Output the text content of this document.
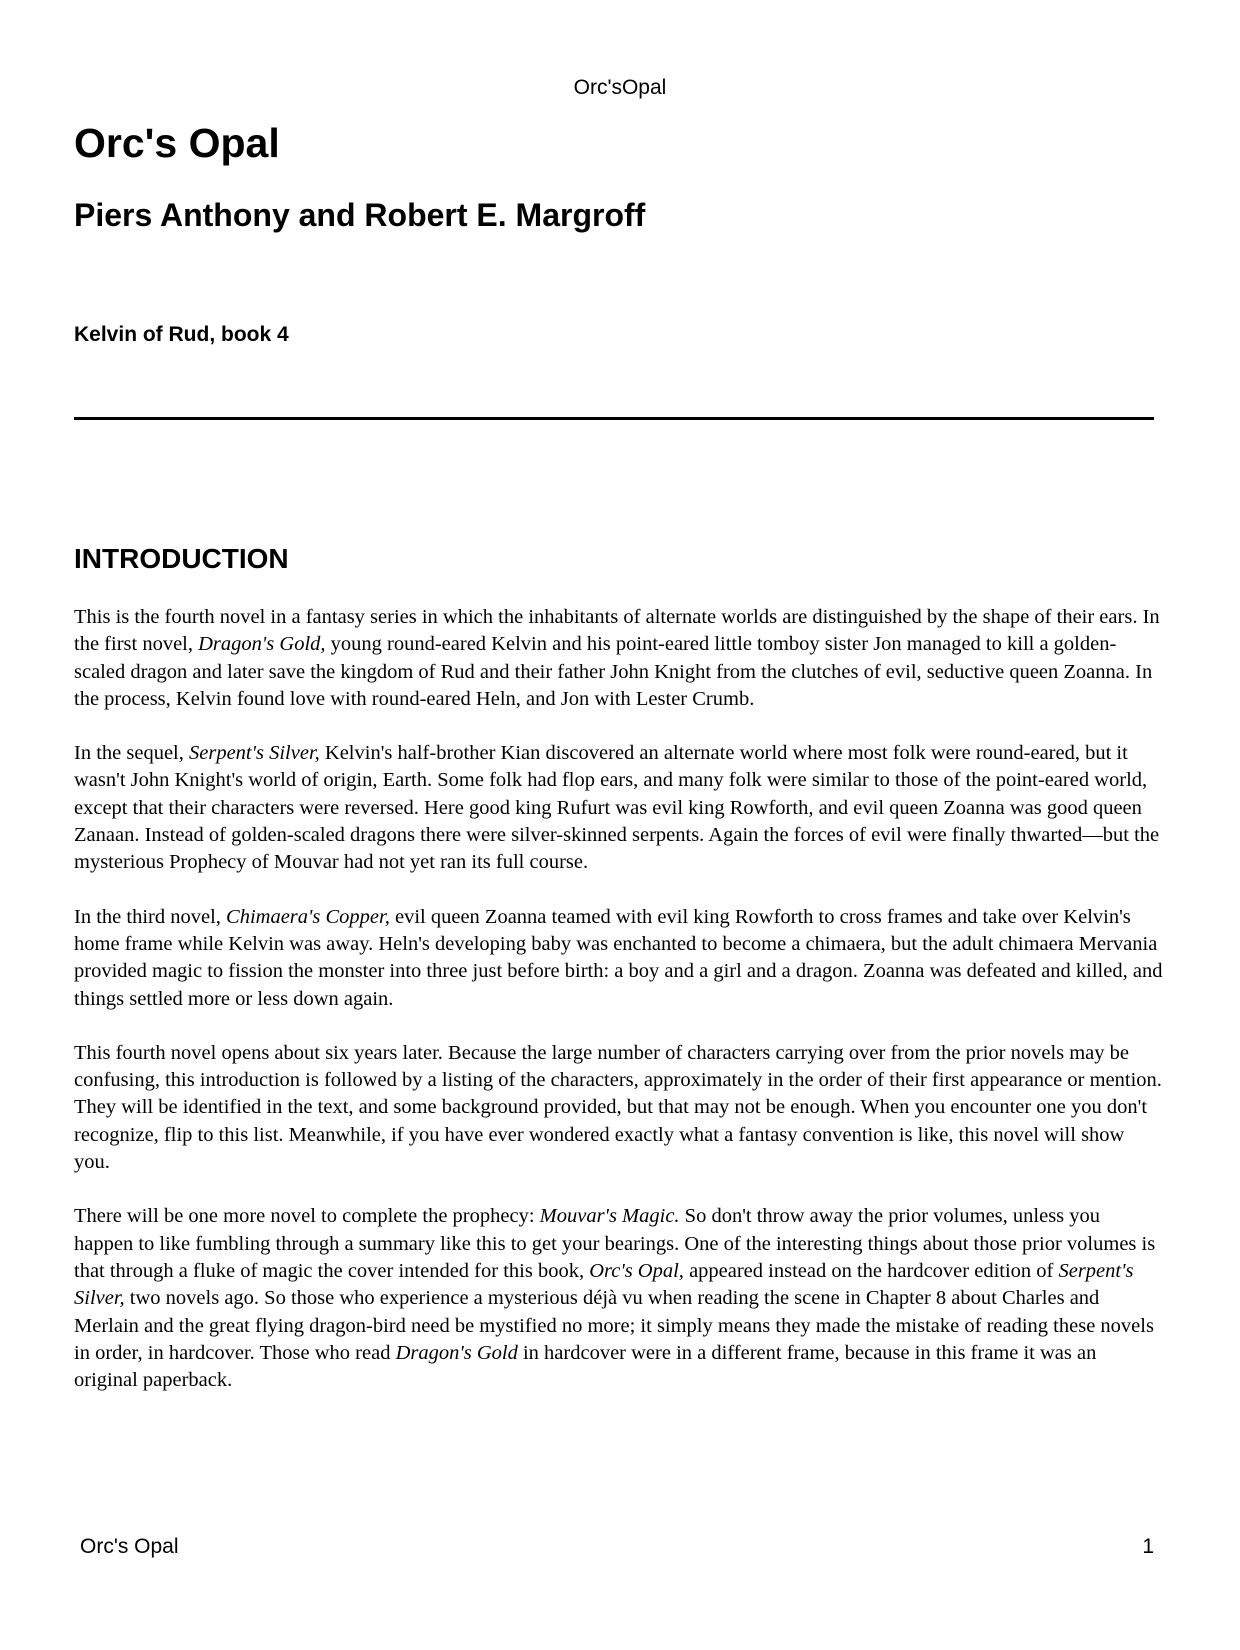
Orc'sOpal
Orc's Opal
Piers Anthony and Robert E. Margroff
Kelvin of Rud, book 4
INTRODUCTION

This is the fourth novel in a fantasy series in which the inhabitants of alternate worlds are distinguished by the shape of their ears. In the first novel, Dragon's Gold, young round-eared Kelvin and his point-eared little tomboy sister Jon managed to kill a golden-scaled dragon and later save the kingdom of Rud and their father John Knight from the clutches of evil, seductive queen Zoanna. In the process, Kelvin found love with round-eared Heln, and Jon with Lester Crumb.

In the sequel, Serpent's Silver, Kelvin's half-brother Kian discovered an alternate world where most folk were round-eared, but it wasn't John Knight's world of origin, Earth. Some folk had flop ears, and many folk were similar to those of the point-eared world, except that their characters were reversed. Here good king Rufurt was evil king Rowforth, and evil queen Zoanna was good queen Zanaan. Instead of golden-scaled dragons there were silver-skinned serpents. Again the forces of evil were finally thwarted—but the mysterious Prophecy of Mouvar had not yet ran its full course.

In the third novel, Chimaera's Copper, evil queen Zoanna teamed with evil king Rowforth to cross frames and take over Kelvin's home frame while Kelvin was away. Heln's developing baby was enchanted to become a chimaera, but the adult chimaera Mervania provided magic to fission the monster into three just before birth: a boy and a girl and a dragon. Zoanna was defeated and killed, and things settled more or less down again.

This fourth novel opens about six years later. Because the large number of characters carrying over from the prior novels may be confusing, this introduction is followed by a listing of the characters, approximately in the order of their first appearance or mention. They will be identified in the text, and some background provided, but that may not be enough. When you encounter one you don't recognize, flip to this list. Meanwhile, if you have ever wondered exactly what a fantasy convention is like, this novel will show you.

There will be one more novel to complete the prophecy: Mouvar's Magic. So don't throw away the prior volumes, unless you happen to like fumbling through a summary like this to get your bearings. One of the interesting things about those prior volumes is that through a fluke of magic the cover intended for this book, Orc's Opal, appeared instead on the hardcover edition of Serpent's Silver, two novels ago. So those who experience a mysterious déjà vu when reading the scene in Chapter 8 about Charles and Merlain and the great flying dragon-bird need be mystified no more; it simply means they made the mistake of reading these novels in order, in hardcover. Those who read Dragon's Gold in hardcover were in a different frame, because in this frame it was an original paperback.

Orc's Opal	1
